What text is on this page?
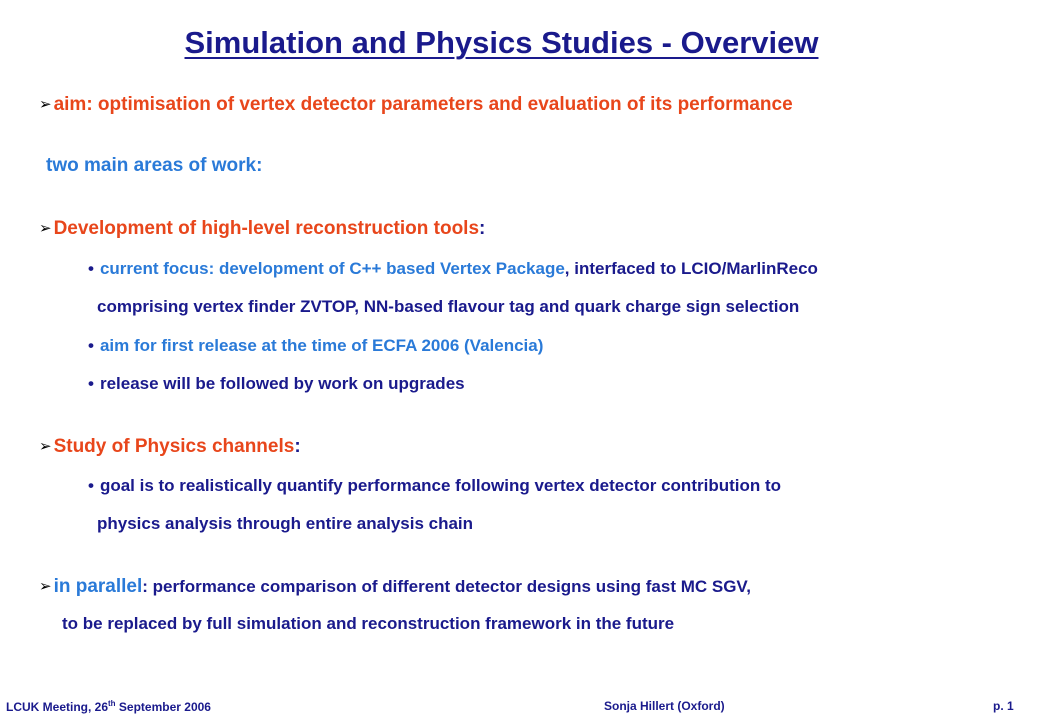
Simulation and Physics Studies - Overview
➢ aim: optimisation of vertex detector parameters and evaluation of its performance
two main areas of work:
➢ Development of high-level reconstruction tools:
• current focus: development of C++ based Vertex Package, interfaced to LCIO/MarlinReco
comprising vertex finder ZVTOP, NN-based flavour tag and quark charge sign selection
• aim for first release at the time of ECFA 2006 (Valencia)
• release will be followed by work on upgrades
➢ Study of Physics channels:
• goal is to realistically quantify performance following vertex detector contribution to
physics analysis through entire analysis chain
➢ in parallel: performance comparison of different detector designs using fast MC SGV,
to be replaced by full simulation and reconstruction framework in the future
LCUK Meeting, 26th September 2006	Sonja Hillert (Oxford)	p. 1
